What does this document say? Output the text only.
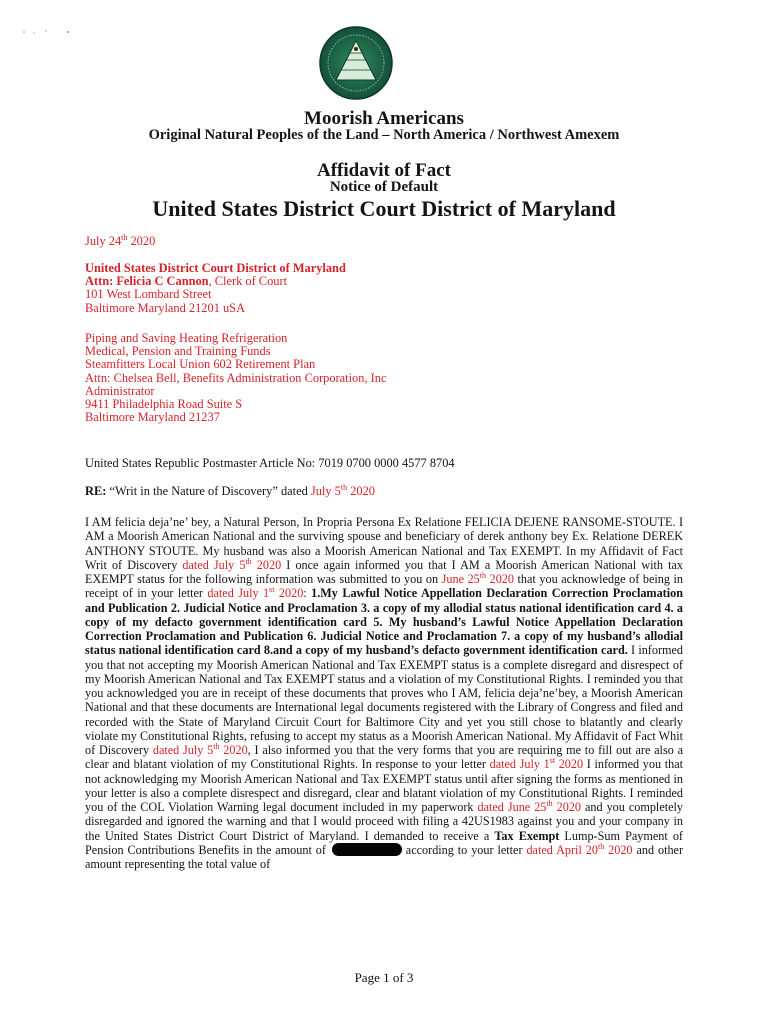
Moorish Americans
Original Natural Peoples of the Land – North America / Northwest Amexem
Affidavit of Fact
Notice of Default
United States District Court District of Maryland
July 24th 2020
United States District Court District of Maryland
Attn: Felicia C Cannon, Clerk of Court
101 West Lombard Street
Baltimore Maryland 21201 uSA
Piping and Saving Heating Refrigeration
Medical, Pension and Training Funds
Steamfitters Local Union 602 Retirement Plan
Attn: Chelsea Bell, Benefits Administration Corporation, Inc
Administrator
9411 Philadelphia Road Suite S
Baltimore Maryland 21237
United States Republic Postmaster Article No: 7019 0700 0000 4577 8704
RE: “Writ in the Nature of Discovery” dated July 5th 2020
I AM felicia deja’ne’ bey, a Natural Person, In Propria Persona Ex Relatione FELICIA DEJENE RANSOME-STOUTE. I AM a Moorish American National and the surviving spouse and beneficiary of derek anthony bey Ex. Relatione DEREK ANTHONY STOUTE. My husband was also a Moorish American National and Tax EXEMPT. In my Affidavit of Fact Writ of Discovery dated July 5th 2020 I once again informed you that I AM a Moorish American National with tax EXEMPT status for the following information was submitted to you on June 25th 2020 that you acknowledge of being in receipt of in your letter dated July 1st 2020: 1.My Lawful Notice Appellation Declaration Correction Proclamation and Publication 2. Judicial Notice and Proclamation 3. a copy of my allodial status national identification card 4. a copy of my defacto government identification card 5. My husband’s Lawful Notice Appellation Declaration Correction Proclamation and Publication 6. Judicial Notice and Proclamation 7. a copy of my husband’s allodial status national identification card 8.and a copy of my husband’s defacto government identification card. I informed you that not accepting my Moorish American National and Tax EXEMPT status is a complete disregard and disrespect of my Moorish American National and Tax EXEMPT status and a violation of my Constitutional Rights. I reminded you that you acknowledged you are in receipt of these documents that proves who I AM, felicia deja’ne’bey, a Moorish American National and that these documents are International legal documents registered with the Library of Congress and filed and recorded with the State of Maryland Circuit Court for Baltimore City and yet you still chose to blatantly and clearly violate my Constitutional Rights, refusing to accept my status as a Moorish American National. My Affidavit of Fact Whit of Discovery dated July 5th 2020, I also informed you that the very forms that you are requiring me to fill out are also a clear and blatant violation of my Constitutional Rights. In response to your letter dated July 1st 2020 I informed you that not acknowledging my Moorish American National and Tax EXEMPT status until after signing the forms as mentioned in your letter is also a complete disrespect and disregard, clear and blatant violation of my Constitutional Rights. I reminded you of the COL Violation Warning legal document included in my paperwork dated June 25th 2020 and you completely disregarded and ignored the warning and that I would proceed with filing a 42US1983 against you and your company in the United States District Court District of Maryland. I demanded to receive a Tax Exempt Lump-Sum Payment of Pension Contributions Benefits in the amount of	according to your letter dated April 20th 2020 and other amount representing the total value of
Page 1 of 3
